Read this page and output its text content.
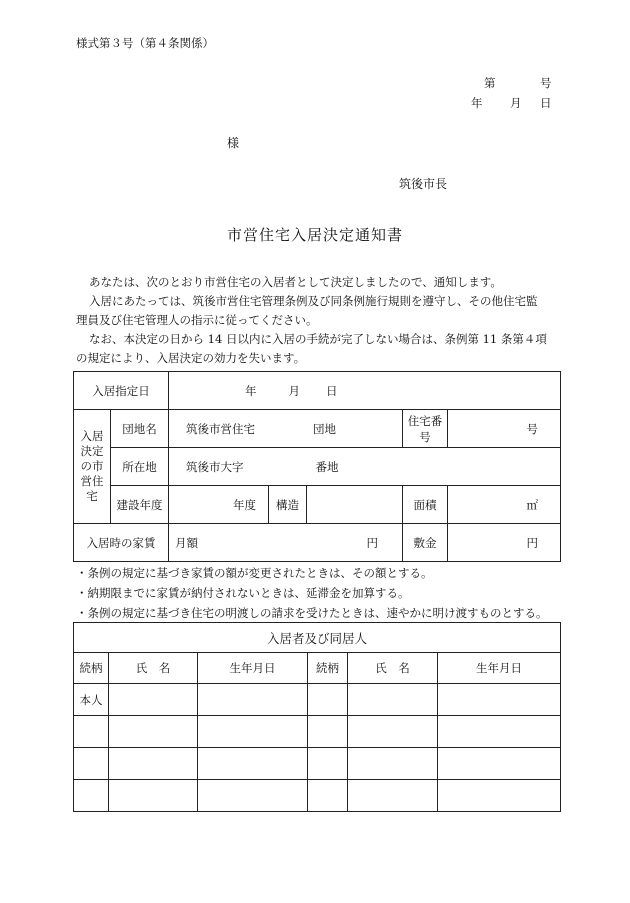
様式第３号（第４条関係）
第	号
年 月 日
様
筑後市長
市営住宅入居決定通知書
あなたは、次のとおり市営住宅の入居者として決定しましたので、通知します。
入居にあたっては、筑後市営住宅管理条例及び同条例施行規則を遵守し、その他住宅監
理員及び住宅管理人の指示に従ってください。
なお、本決定の日から 14 日以内に入居の手続が完了しない場合は、条例第 11 条第４項
の規定により、入居決定の効力を失います。
入居指定日		年 月 日				

入居
決定
の市
営住
宅	団地名	筑後市営住宅 団地			住宅番号	号
	所在地	筑後市大字 番地				
	建設年度	年度	構造		面積	㎡
入居時の家賃		月額 円			敷金	円
・条例の規定に基づき家賃の額が変更されたときは、その額とする。
・納期限までに家賃が納付されないときは、延滞金を加算する。
・条例の規定に基づき住宅の明渡しの請求を受けたときは、速やかに明け渡すものとする。
入居者及び同居人					
続柄	氏　名	生年月日	続柄	氏　名	生年月日
本人					
